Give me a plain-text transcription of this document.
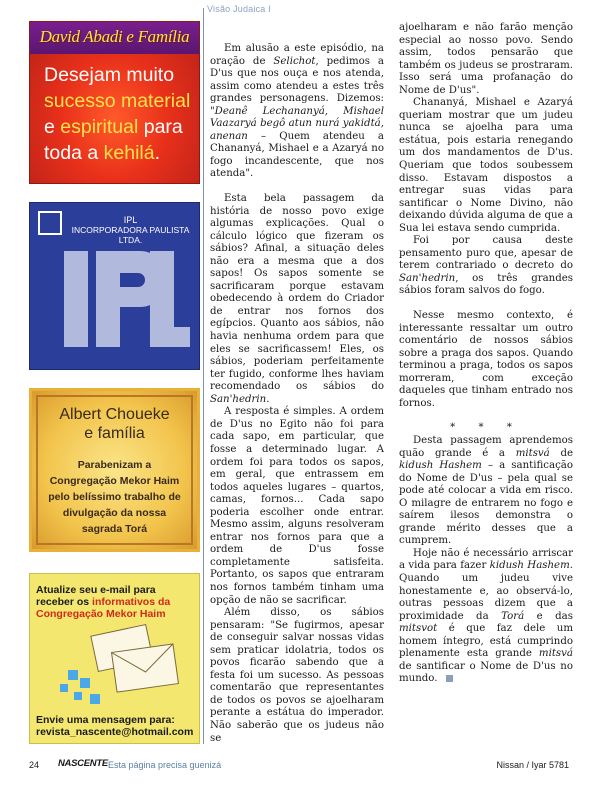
Visão Judaica I
David Abadi e Família
Desejam muito
sucesso material
e espiritual para
toda a kehilá.
IPL
INCORPORADORA PAULISTA LTDA.
Albert Choueke
e família
Parabenizam a
Congregação Mekor Haim
pelo belíssimo trabalho de
divulgação da nossa
sagrada Torá
Atualize seu e-mail para
receber os informativos da
Congregação Mekor Haim
Envie uma mensagem para:
revista_nascente@hotmail.com

Em alusão a este episódio, na oração de Selichot, pedimos a D'us que nos ouça e nos atenda, assim como atendeu a estes três grandes personagens. Dizemos: "Deanê Lechananyá, Mishael Vaazaryá begô atun nurá yakidtá, anenan – Quem atendeu a Chananyá, Mishael e a Azaryá no fogo incandescente, que nos atenda".

Esta bela passagem da história de nosso povo exige algumas explicações. Qual o cálculo lógico que fizeram os sábios? Afinal, a situação deles não era a mesma que a dos sapos! Os sapos somente se sacrificaram porque estavam obedecendo à ordem do Criador de entrar nos fornos dos egípcios. Quanto aos sábios, não havia nenhuma ordem para que eles se sacrificassem! Eles, os sábios, poderiam perfeitamente ter fugido, conforme lhes haviam recomendado os sábios do San'hedrin.

A resposta é simples. A ordem de D'us no Egito não foi para cada sapo, em particular, que fosse a determinado lugar. A ordem foi para todos os sapos, em geral, que entrassem em todos aqueles lugares – quartos, camas, fornos... Cada sapo poderia escolher onde entrar. Mesmo assim, alguns resolveram entrar nos fornos para que a ordem de D'us fosse completamente satisfeita. Portanto, os sapos que entraram nos fornos também tinham uma opção de não se sacrificar.

Além disso, os sábios pensaram: "Se fugirmos, apesar de conseguir salvar nossas vidas sem praticar idolatria, todos os povos ficarão sabendo que a festa foi um sucesso. As pessoas comentarão que representantes de todos os povos se ajoelharam perante a estátua do imperador. Não saberão que os judeus não se

ajoelharam e não farão menção especial ao nosso povo. Sendo assim, todos pensarão que também os judeus se prostraram. Isso será uma profanação do Nome de D'us".

Chananyá, Mishael e Azaryá queriam mostrar que um judeu nunca se ajoelha para uma estátua, pois estaria renegando um dos mandamentos de D'us. Queriam que todos soubessem disso. Estavam dispostos a entregar suas vidas para santificar o Nome Divino, não deixando dúvida alguma de que a Sua lei estava sendo cumprida.

Foi por causa deste pensamento puro que, apesar de terem contrariado o decreto do San'hedrin, os três grandes sábios foram salvos do fogo.

Nesse mesmo contexto, é interessante ressaltar um outro comentário de nossos sábios sobre a praga dos sapos. Quando terminou a praga, todos os sapos morreram, com exceção daqueles que tinham entrado nos fornos.

* * *

Desta passagem aprendemos quão grande é a mitsvá de kidush Hashem – a santificação do Nome de D'us – pela qual se pode até colocar a vida em risco. O milagre de entrarem no fogo e saírem ilesos demonstra o grande mérito desses que a cumprem.

Hoje não é necessário arriscar a vida para fazer kidush Hashem. Quando um judeu vive honestamente e, ao observá-lo, outras pessoas dizem que a proximidade da Torá e das mitsvot é que faz dele um homem íntegro, está cumprindo plenamente esta grande mitsvá de santificar o Nome de D'us no mundo.

24 NASCENTE Esta página precisa guenizá	Nissan / Iyar 5781
